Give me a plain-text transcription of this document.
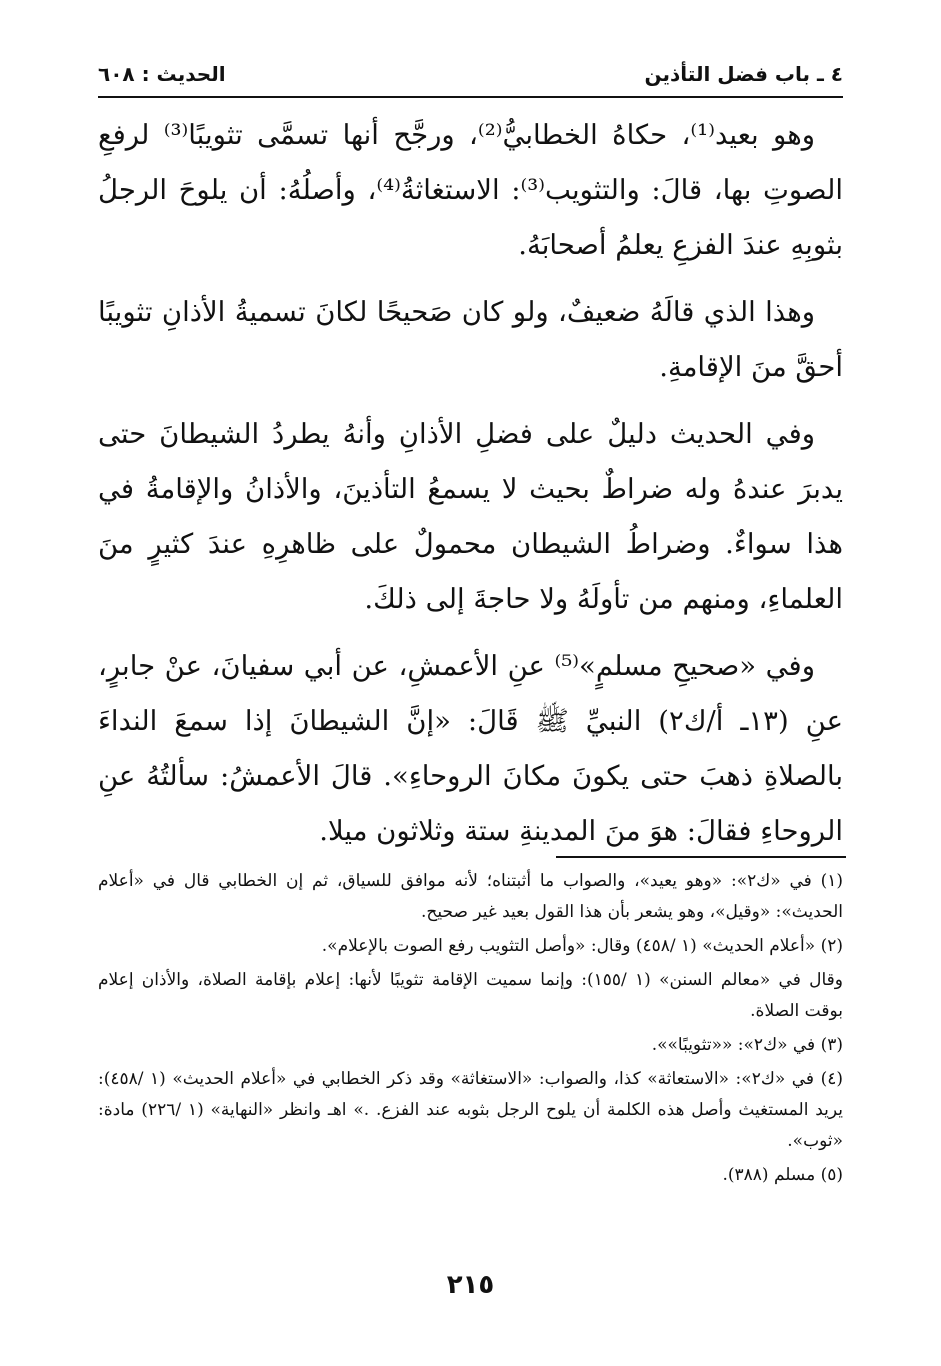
٤ ـ باب فضل التأذين
الحديث : ٦٠٨

وهو بعيد⁽¹⁾، حكاهُ الخطابيُّ⁽²⁾، ورجَّح أنها تسمَّى تثويبًا⁽³⁾ لرفعِ الصوتِ بها، قالَ: والتثويب⁽³⁾: الاستغاثةُ⁽⁴⁾، وأصلُهُ: أن يلوحَ الرجلُ بثوبِهِ عندَ الفزعِ يعلمُ أصحابَهُ.

وهذا الذي قالَهُ ضعيفٌ، ولو كان صَحيحًا لكانَ تسميةُ الأذانِ تثويبًا أحقَّ منَ الإقامةِ.

وفي الحديث دليلٌ على فضلِ الأذانِ وأنهُ يطردُ الشيطانَ حتى يدبرَ عندهُ وله ضراطٌ بحيث لا يسمعُ التأذينَ، والأذانُ والإقامةُ في هذا سواءٌ. وضراطُ الشيطان محمولٌ على ظاهرِهِ عندَ كثيرٍ منَ العلماءِ، ومنهم من تأولَهُ ولا حاجةَ إلى ذلكَ.

وفي «صحيحِ مسلمٍ»⁽⁵⁾ عنِ الأعمشِ، عن أبي سفيانَ، عنْ جابرٍ، عنِ (١٣ـ أ/ك٢) النبيِّ ﷺ قَالَ: «إنَّ الشيطانَ إذا سمعَ النداءَ بالصلاةِ ذهبَ حتى يكونَ مكانَ الروحاءِ». قالَ الأعمشُ: سألتُهُ عنِ الروحاءِ فقالَ: هوَ منَ المدينةِ ستة وثلاثون ميلا.

(١) في «ك٢»: «وهو يعيد»، والصواب ما أثبتناه؛ لأنه موافق للسياق، ثم إن الخطابي قال في «أعلام الحديث»: «وقيل»، وهو يشعر بأن هذا القول بعيد غير صحيح.
(٢) «أعلام الحديث» (١ /٤٥٨) وقال: «وأصل التثويب رفع الصوت بالإعلام».
وقال في «معالم السنن» (١ /١٥٥): وإنما سميت الإقامة تثويبًا لأنها: إعلام بإقامة الصلاة، والأذان إعلام بوقت الصلاة.
(٣) في «ك٢»: ««تثويبًا»».
(٤) في «ك٢»: «الاستعاثة» كذا، والصواب: «الاستغاثة» وقد ذكر الخطابي في «أعلام الحديث» (١ /٤٥٨): يريد المستغيث وأصل هذه الكلمة أن يلوح الرجل بثوبه عند الفزع. .» اهـ وانظر «النهاية» (١ /٢٢٦) مادة: «ثوب».
(٥) مسلم (٣٨٨).
٢١٥
